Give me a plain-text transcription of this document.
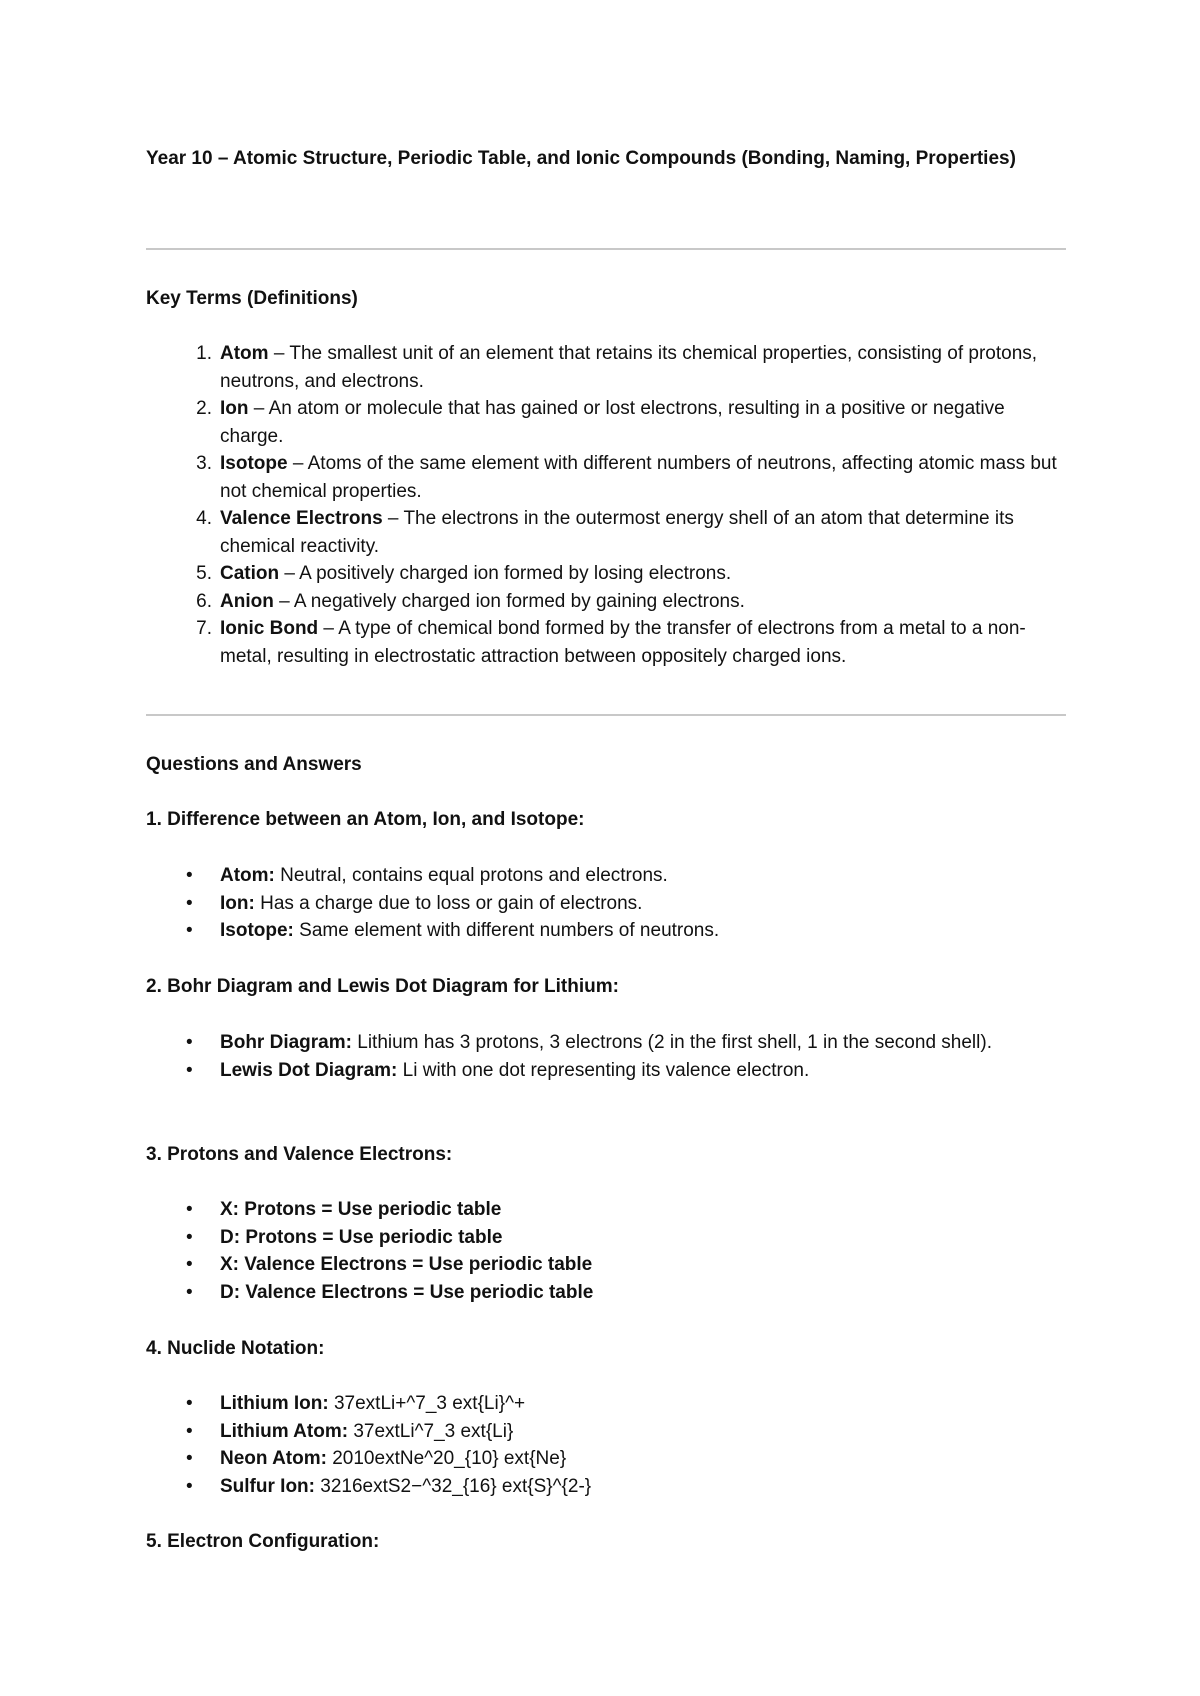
Year 10 – Atomic Structure, Periodic Table, and Ionic Compounds (Bonding, Naming, Properties)
Key Terms (Definitions)
1. Atom – The smallest unit of an element that retains its chemical properties, consisting of protons, neutrons, and electrons.
2. Ion – An atom or molecule that has gained or lost electrons, resulting in a positive or negative charge.
3. Isotope – Atoms of the same element with different numbers of neutrons, affecting atomic mass but not chemical properties.
4. Valence Electrons – The electrons in the outermost energy shell of an atom that determine its chemical reactivity.
5. Cation – A positively charged ion formed by losing electrons.
6. Anion – A negatively charged ion formed by gaining electrons.
7. Ionic Bond – A type of chemical bond formed by the transfer of electrons from a metal to a non-metal, resulting in electrostatic attraction between oppositely charged ions.
Questions and Answers
1. Difference between an Atom, Ion, and Isotope:
• Atom: Neutral, contains equal protons and electrons.
• Ion: Has a charge due to loss or gain of electrons.
• Isotope: Same element with different numbers of neutrons.
2. Bohr Diagram and Lewis Dot Diagram for Lithium:
• Bohr Diagram: Lithium has 3 protons, 3 electrons (2 in the first shell, 1 in the second shell).
• Lewis Dot Diagram: Li with one dot representing its valence electron.
3. Protons and Valence Electrons:
• X: Protons = Use periodic table
• D: Protons = Use periodic table
• X: Valence Electrons = Use periodic table
• D: Valence Electrons = Use periodic table
4. Nuclide Notation:
• Lithium Ion: 37extLi+^7_3 ext{Li}^+
• Lithium Atom: 37extLi^7_3 ext{Li}
• Neon Atom: 2010extNe^20_{10} ext{Ne}
• Sulfur Ion: 3216extS2−^32_{16} ext{S}^{2-}
5. Electron Configuration:
